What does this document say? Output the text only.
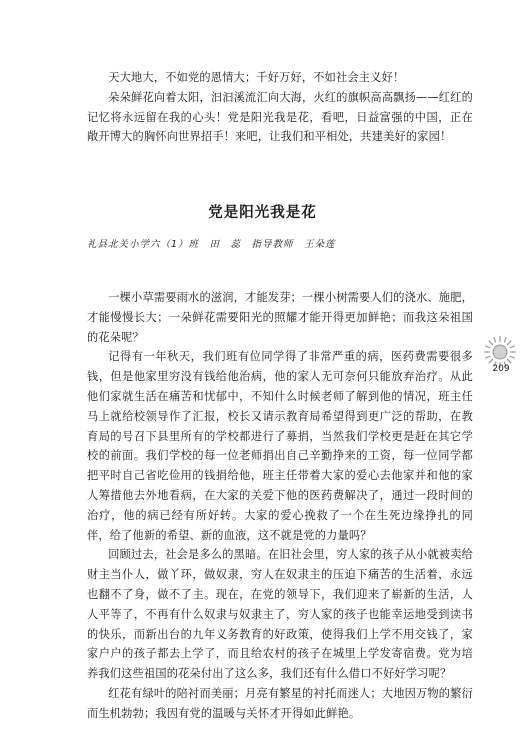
天大地大，不如党的恩情大；千好万好，不如社会主义好！

朵朵鲜花向着太阳，汩汩溪流汇向大海，火红的旗帜高高飘扬——红红的记忆将永远留在我的心头！党是阳光我是花，看吧，日益富强的中国，正在敞开博大的胸怀向世界招手！来吧，让我们和平相处，共建美好的家园！

党是阳光我是花

礼县北关小学六（1）班　田　蕊　指导教师　王朵莲

一棵小草需要雨水的滋润，才能发芽；一棵小树需要人们的浇水、施肥，才能慢慢长大；一朵鲜花需要阳光的照耀才能开得更加鲜艳；而我这朵祖国的花朵呢？

记得有一年秋天，我们班有位同学得了非常严重的病，医药费需要很多钱，但是他家里穷没有钱给他治病，他的家人无可奈何只能放弃治疗。从此他们家就生活在痛苦和忧郁中，不知什么时候老师了解到他的情况，班主任马上就给校领导作了汇报，校长又请示教育局希望得到更广泛的帮助，在教育局的号召下县里所有的学校都进行了募捐，当然我们学校更是赶在其它学校的前面。我们学校的每一位老师捐出自己辛勤挣来的工资，每一位同学都把平时自己省吃俭用的钱捐给他，班主任带着大家的爱心去他家并和他的家人筹措他去外地看病，在大家的关爱下他的医药费解决了，通过一段时间的治疗，他的病已经有所好转。大家的爱心挽救了一个在生死边缘挣扎的同伴，给了他新的希望、新的血液，这不就是党的力量吗？

回顾过去，社会是多么的黑暗。在旧社会里，穷人家的孩子从小就被卖给财主当仆人，做丫环，做奴隶，穷人在奴隶主的压迫下痛苦的生活着，永远也翻不了身，做不了主。现在，在党的领导下，我们迎来了崭新的生活，人人平等了，不再有什么奴隶与奴隶主了，穷人家的孩子也能幸运地受到读书的快乐，而新出台的九年义务教育的好政策，使得我们上学不用交钱了，家家户户的孩子都去上学了，而且给农村的孩子在城里上学发寄宿费。党为培养我们这些祖国的花朵付出了这么多，我们还有什么借口不好好学习呢？

红花有绿叶的陪衬而美丽；月亮有繁星的衬托而迷人；大地因万物的繁衍而生机勃勃；我因有党的温暖与关怀才开得如此鲜艳。

209
